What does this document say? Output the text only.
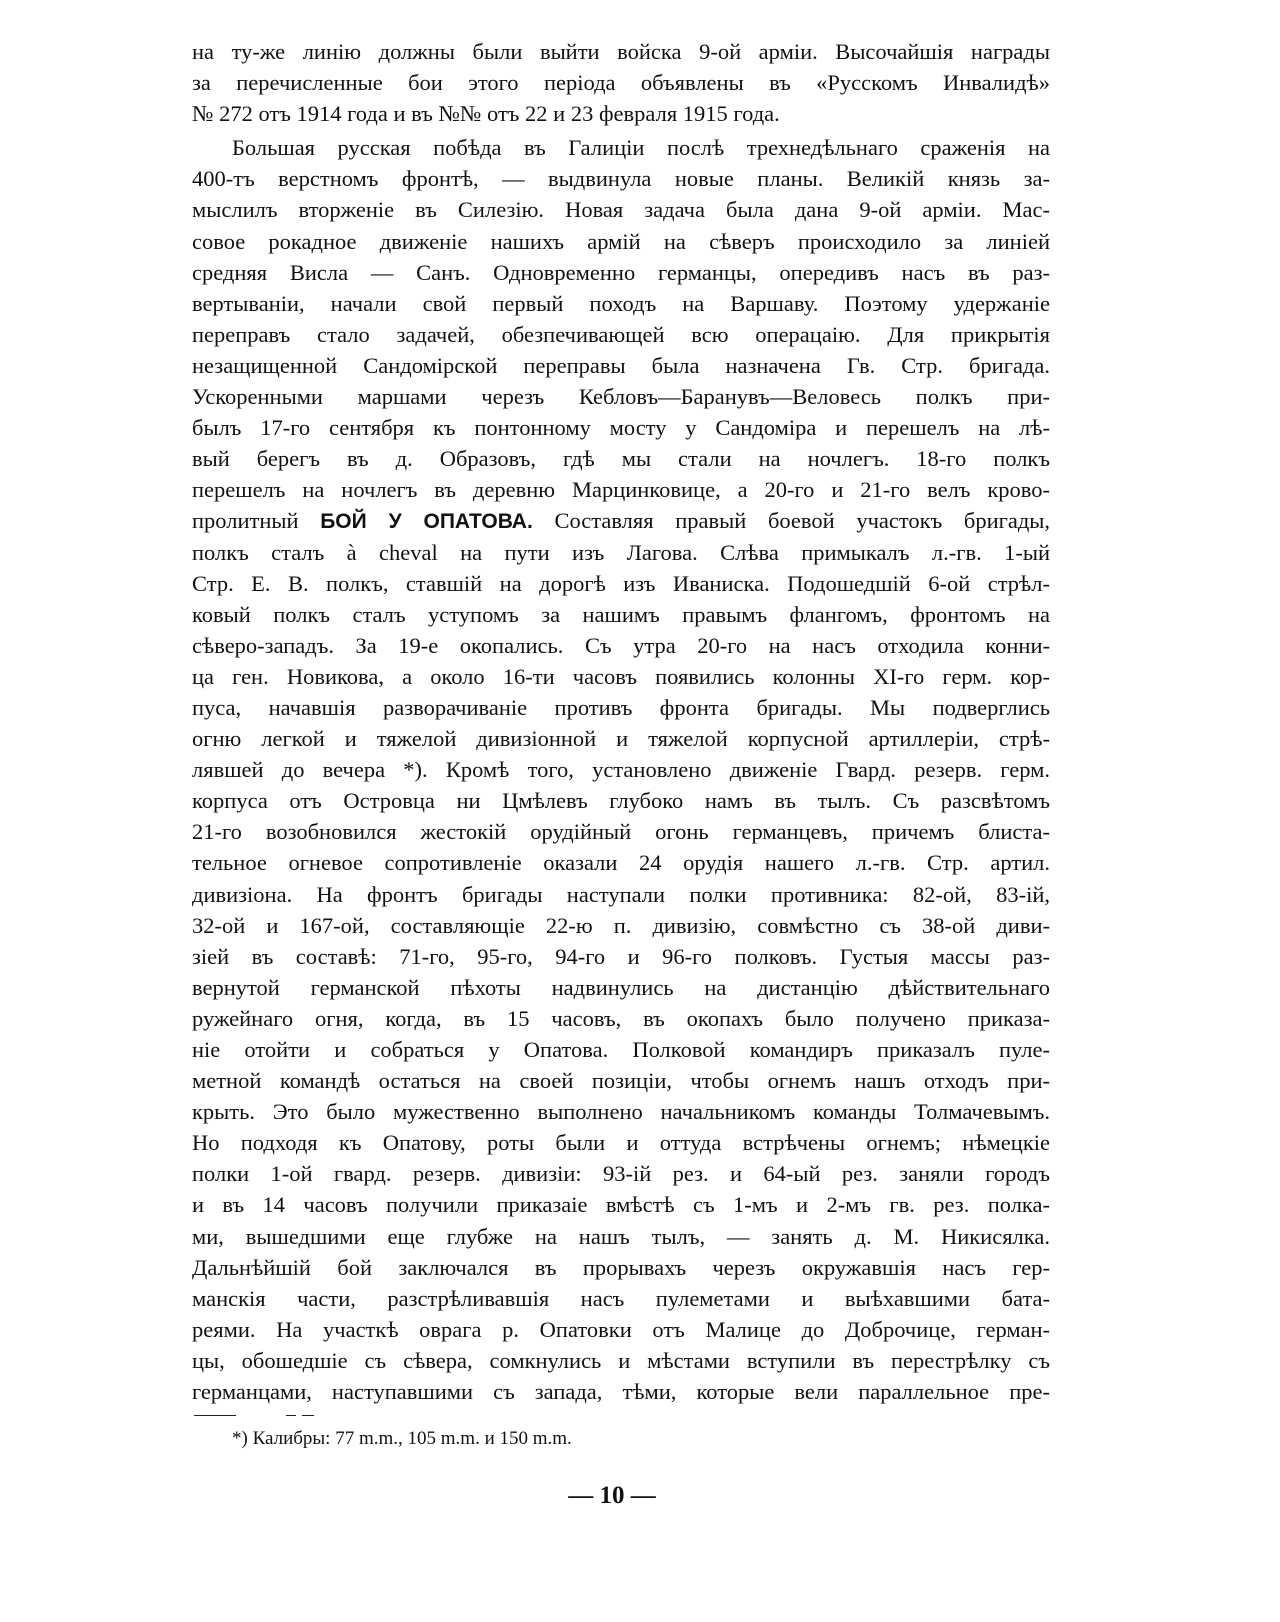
на ту-же линію должны были выйти войска 9-ой арміи. Высочайшія награды
за перечисленные бои этого періода объявлены въ «Русскомъ Инвалидѣ»
№ 272 отъ 1914 года и въ №№ отъ 22 и 23 февраля 1915 года.
Большая русская побѣда въ Галиціи послѣ трехнедѣльнаго сраженія на
400-тъ верстномъ фронтѣ, — выдвинула новые планы. Великій князь за-
мыслилъ вторженіе въ Силезію. Новая задача была дана 9-ой арміи. Мас-
совое рокадное движеніе нашихъ армій на сѣверъ происходило за линіей
средняя Висла — Санъ. Одновременно германцы, опередивъ насъ въ раз-
вертываніи, начали свой первый походъ на Варшаву. Поэтому удержаніе
переправъ стало задачей, обезпечивающей всю операцаію. Для прикрытія
незащищенной Сандомірской переправы была назначена Гв. Стр. бригада.
Ускоренными маршами черезъ Кебловъ—Баранувъ—Веловесь полкъ при-
былъ 17-го сентября къ понтонному мосту у Сандоміра и перешелъ на лѣ-
вый берегъ въ д. Образовъ, гдѣ мы стали на ночлегъ. 18-го полкъ
перешелъ на ночлегъ въ деревню Марцинковице, а 20-го и 21-го велъ крово-
пролитный БОЙ У ОПАТОВА. Составляя правый боевой участокъ бригады,
полкъ сталъ à cheval на пути изъ Лагова. Слѣва примыкалъ л.-гв. 1-ый
Стр. Е. В. полкъ, ставшій на дорогѣ изъ Иваниска. Подошедшій 6-ой стрѣл-
ковый полкъ сталъ уступомъ за нашимъ правымъ флангомъ, фронтомъ на
сѣверо-западъ. За 19-е окопались. Съ утра 20-го на насъ отходила конни-
ца ген. Новикова, а около 16-ти часовъ появились колонны XI-го герм. кор-
пуса, начавшія разворачиваніе противъ фронта бригады. Мы подверглись
огню легкой и тяжелой дивизіонной и тяжелой корпусной артиллеріи, стрѣ-
лявшей до вечера *). Кромѣ того, установлено движеніе Гвард. резерв. герм.
корпуса отъ Островца ни Цмѣлевъ глубоко намъ въ тылъ. Съ разсвѣтомъ
21-го возобновился жестокій орудійный огонь германцевъ, причемъ блиста-
тельное огневое сопротивленіе оказали 24 орудія нашего л.-гв. Стр. артил.
дивизіона. На фронтъ бригады наступали полки противника: 82-ой, 83-ій,
32-ой и 167-ой, составляющіе 22-ю п. дивизію, совмѣстно съ 38-ой диви-
зіей въ составѣ: 71-го, 95-го, 94-го и 96-го полковъ. Густыя массы раз-
вернутой германской пѣхоты надвинулись на дистанцію дѣйствительнаго
ружейнаго огня, когда, въ 15 часовъ, въ окопахъ было получено приказа-
ніе отойти и собраться у Опатова. Полковой командиръ приказалъ пуле-
метной командѣ остаться на своей позиціи, чтобы огнемъ нашъ отходъ при-
крыть. Это было мужественно выполнено начальникомъ команды Толмачевымъ.
Но подходя къ Опатову, роты были и оттуда встрѣчены огнемъ; нѣмецкіе
полки 1-ой гвард. резерв. дивизіи: 93-ій рез. и 64-ый рез. заняли городъ
и въ 14 часовъ получили приказаіе вмѣстѣ съ 1-мъ и 2-мъ гв. рез. полка-
ми, вышедшими еще глубже на нашъ тылъ, — занять д. М. Никисялка.
Дальнѣйшій бой заключался въ прорывахъ черезъ окружавшія насъ гер-
манскія части, разстрѣливавшія насъ пулеметами и выѣхавшими бата-
реями. На участкѣ оврага р. Опатовки отъ Малице до Доброчице, герман-
цы, обошедшіе съ сѣвера, сомкнулись и мѣстами вступили въ перестрѣлку съ
германцами, наступавшими съ запада, тѣми, которые вели параллельное пре-
*) Калибры: 77 m.m., 105 m.m. и 150 m.m.
— 10 —
